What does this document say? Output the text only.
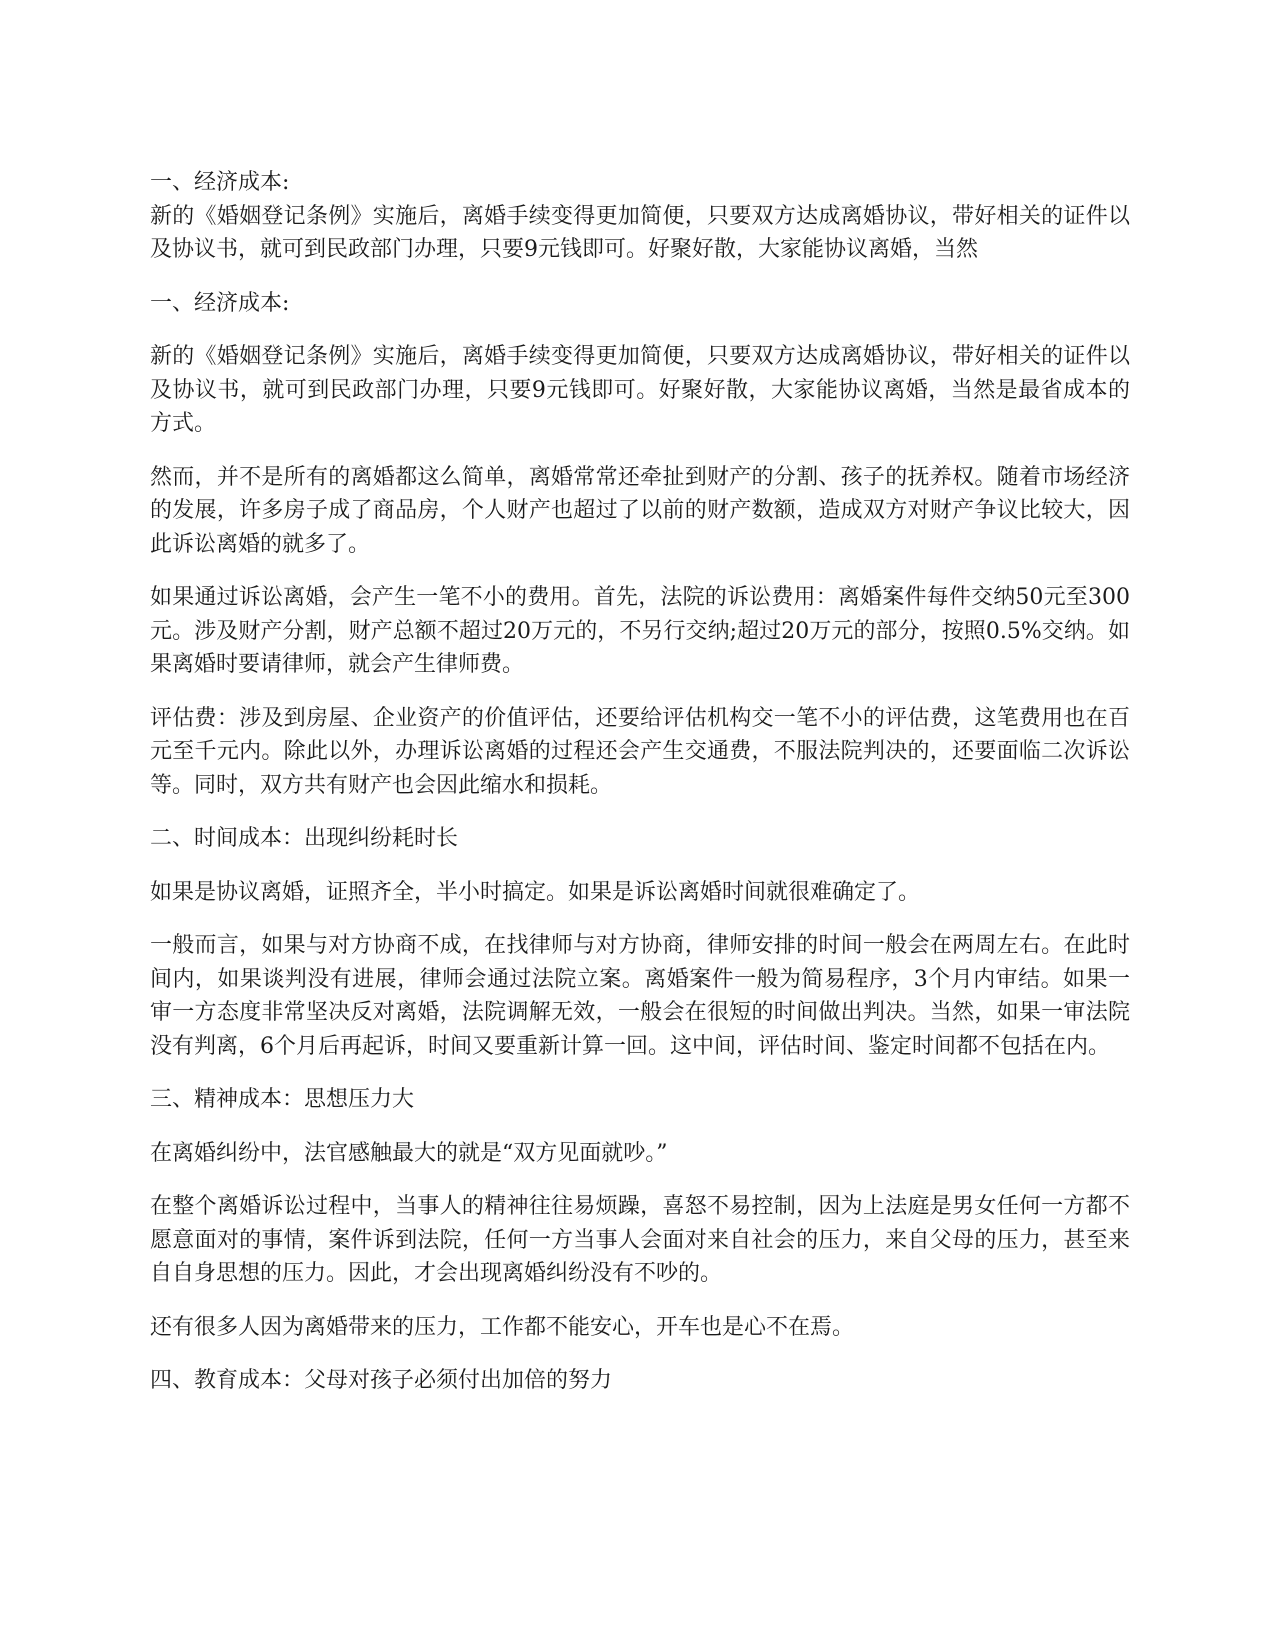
一、经济成本:

新的《婚姻登记条例》实施后，离婚手续变得更加简便，只要双方达成离婚协议，带好相关的证件以及协议书，就可到民政部门办理，只要9元钱即可。好聚好散，大家能协议离婚，当然

一、经济成本:

新的《婚姻登记条例》实施后，离婚手续变得更加简便，只要双方达成离婚协议，带好相关的证件以及协议书，就可到民政部门办理，只要9元钱即可。好聚好散，大家能协议离婚，当然是最省成本的方式。

然而，并不是所有的离婚都这么简单，离婚常常还牵扯到财产的分割、孩子的抚养权。随着市场经济的发展，许多房子成了商品房，个人财产也超过了以前的财产数额，造成双方对财产争议比较大，因此诉讼离婚的就多了。

如果通过诉讼离婚，会产生一笔不小的费用。首先，法院的诉讼费用：离婚案件每件交纳50元至300元。涉及财产分割，财产总额不超过20万元的，不另行交纳;超过20万元的部分，按照0.5%交纳。如果离婚时要请律师，就会产生律师费。

评估费：涉及到房屋、企业资产的价值评估，还要给评估机构交一笔不小的评估费，这笔费用也在百元至千元内。除此以外，办理诉讼离婚的过程还会产生交通费，不服法院判决的，还要面临二次诉讼等。同时，双方共有财产也会因此缩水和损耗。

二、时间成本：出现纠纷耗时长

如果是协议离婚，证照齐全，半小时搞定。如果是诉讼离婚时间就很难确定了。

一般而言，如果与对方协商不成，在找律师与对方协商，律师安排的时间一般会在两周左右。在此时间内，如果谈判没有进展，律师会通过法院立案。离婚案件一般为简易程序，3个月内审结。如果一审一方态度非常坚决反对离婚，法院调解无效，一般会在很短的时间做出判决。当然，如果一审法院没有判离，6个月后再起诉，时间又要重新计算一回。这中间，评估时间、鉴定时间都不包括在内。

三、精神成本：思想压力大

在离婚纠纷中，法官感触最大的就是“双方见面就吵。”

在整个离婚诉讼过程中，当事人的精神往往易烦躁，喜怒不易控制，因为上法庭是男女任何一方都不愿意面对的事情，案件诉到法院，任何一方当事人会面对来自社会的压力，来自父母的压力，甚至来自自身思想的压力。因此，才会出现离婚纠纷没有不吵的。

还有很多人因为离婚带来的压力，工作都不能安心，开车也是心不在焉。

四、教育成本：父母对孩子必须付出加倍的努力
